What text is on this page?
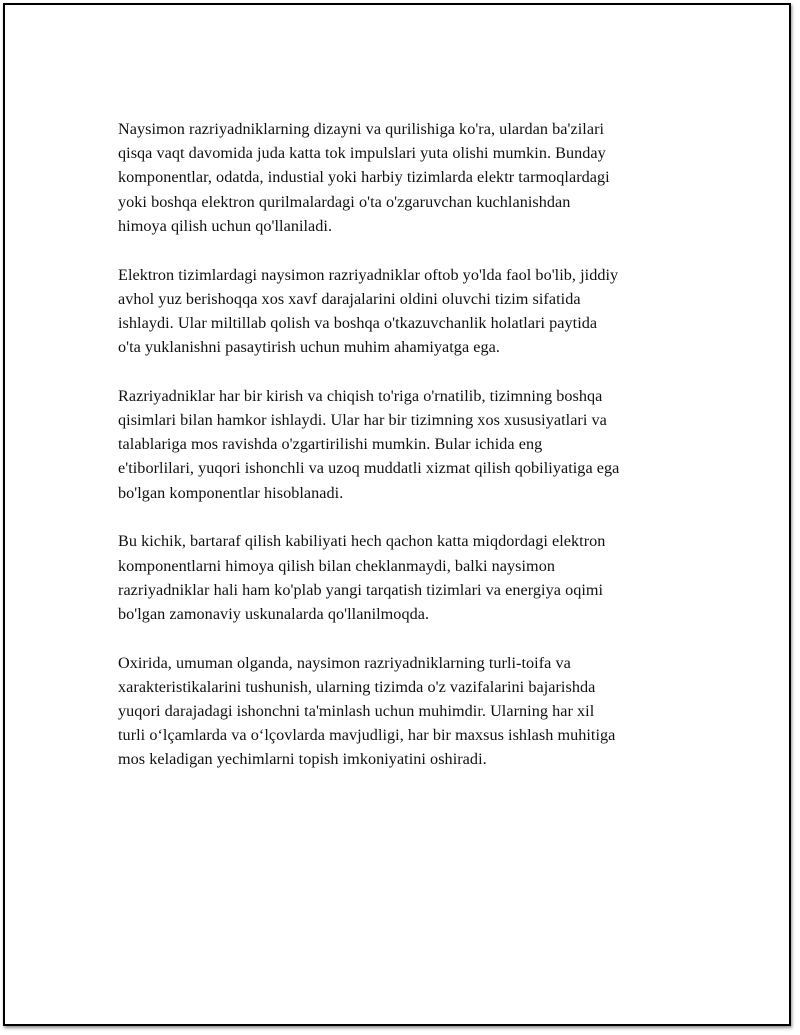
Naysimon razriyadniklarning dizayni va qurilishiga ko'ra, ulardan ba'zilari
qisqa vaqt davomida juda katta tok impulslari yuta olishi mumkin. Bunday
komponentlar, odatda, industial yoki harbiy tizimlarda elektr tarmoqlardagi
yoki boshqa elektron qurilmalardagi o'ta o'zgaruvchan kuchlanishdan
himoya qilish uchun qo'llaniladi.

Elektron tizimlardagi naysimon razriyadniklar oftob yo'lda faol bo'lib, jiddiy
avhol yuz berishoqqa xos xavf darajalarini oldini oluvchi tizim sifatida
ishlaydi. Ular miltillab qolish va boshqa o'tkazuvchanlik holatlari paytida
o'ta yuklanishni pasaytirish uchun muhim ahamiyatga ega.

Razriyadniklar har bir kirish va chiqish to'riga o'rnatilib, tizimning boshqa
qisimlari bilan hamkor ishlaydi. Ular har bir tizimning xos xususiyatlari va
talablariga mos ravishda o'zgartirilishi mumkin. Bular ichida eng
e'tiborlilari, yuqori ishonchli va uzoq muddatli xizmat qilish qobiliyatiga ega
bo'lgan komponentlar hisoblanadi.

Bu kichik, bartaraf qilish kabiliyati hech qachon katta miqdordagi elektron
komponentlarni himoya qilish bilan cheklanmaydi, balki naysimon
razriyadniklar hali ham ko'plab yangi tarqatish tizimlari va energiya oqimi
bo'lgan zamonaviy uskunalarda qo'llanilmoqda.

Oxirida, umuman olganda, naysimon razriyadniklarning turli-toifa va
xarakteristikalarini tushunish, ularning tizimda o'z vazifalarini bajarishda
yuqori darajadagi ishonchni ta'minlash uchun muhimdir. Ularning har xil
turli o‘lçamlarda va o‘lçovlarda mavjudligi, har bir maxsus ishlash muhitiga
mos keladigan yechimlarni topish imkoniyatini oshiradi.
